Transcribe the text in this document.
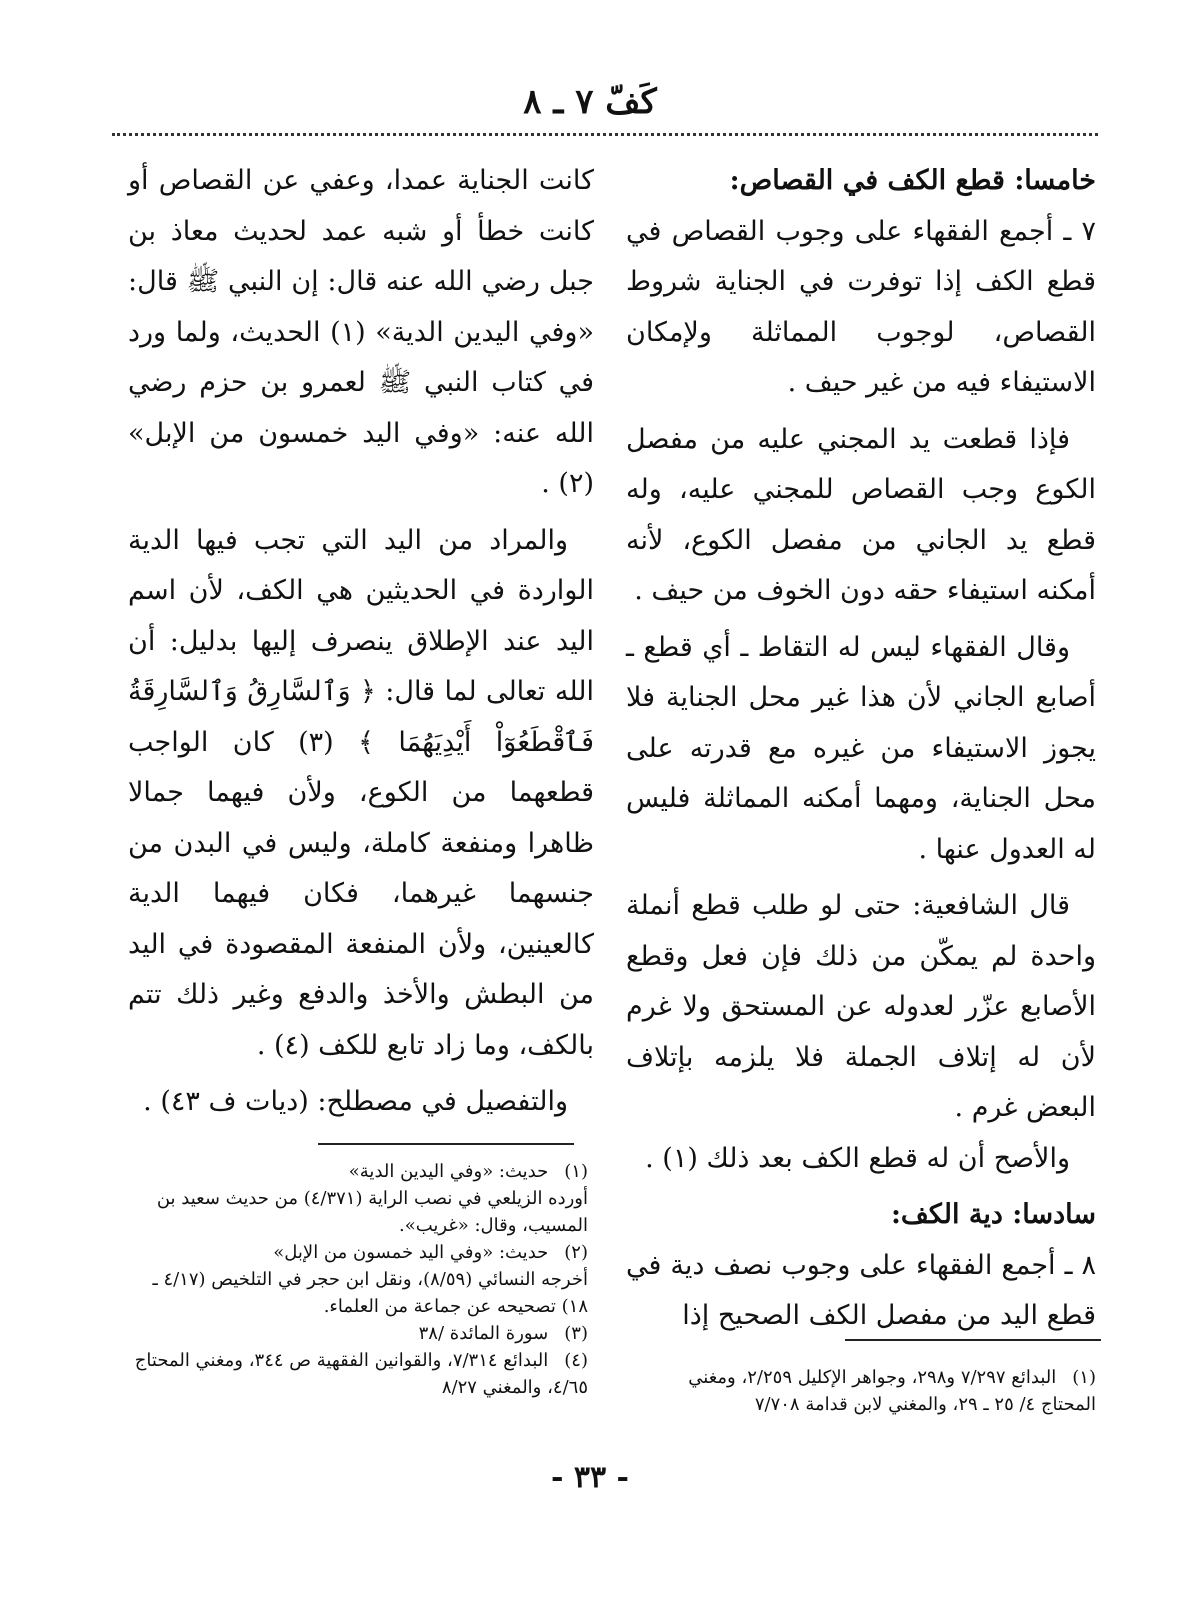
كَفّ ٧ ـ ٨

خامسا: قطع الكف في القصاص:

٧ ـ أجمع الفقهاء على وجوب القصاص في قطع الكف إذا توفرت في الجناية شروط القصاص، لوجوب المماثلة ولإمكان الاستيفاء فيه من غير حيف .

فإذا قطعت يد المجني عليه من مفصل الكوع وجب القصاص للمجني عليه، وله قطع يد الجاني من مفصل الكوع، لأنه أمكنه استيفاء حقه دون الخوف من حيف .

وقال الفقهاء ليس له التقاط ـ أي قطع ـ أصابع الجاني لأن هذا غير محل الجناية فلا يجوز الاستيفاء من غيره مع قدرته على محل الجناية، ومهما أمكنه المماثلة فليس له العدول عنها .

قال الشافعية: حتى لو طلب قطع أنملة واحدة لم يمكّن من ذلك فإن فعل وقطع الأصابع عزّر لعدوله عن المستحق ولا غرم لأن له إتلاف الجملة فلا يلزمه بإتلاف البعض غرم .

والأصح أن له قطع الكف بعد ذلك (١) .

سادسا: دية الكف:

٨ ـ أجمع الفقهاء على وجوب نصف دية في قطع اليد من مفصل الكف الصحيح إذا

كانت الجناية عمدا، وعفي عن القصاص أو كانت خطأ أو شبه عمد لحديث معاذ بن جبل رضي الله عنه قال: إن النبي ﷺ قال: «وفي اليدين الدية» (١) الحديث، ولما ورد في كتاب النبي ﷺ لعمرو بن حزم رضي الله عنه: «وفي اليد خمسون من الإبل» (٢) .

والمراد من اليد التي تجب فيها الدية الواردة في الحديثين هي الكف، لأن اسم اليد عند الإطلاق ينصرف إليها بدليل: أن الله تعالى لما قال: ﴿ وَٱلسَّارِقُ وَٱلسَّارِقَةُ فَٱقْطَعُوٓاْ أَيْدِيَهُمَا ﴾ (٣) كان الواجب قطعهما من الكوع، ولأن فيهما جمالا ظاهرا ومنفعة كاملة، وليس في البدن من جنسهما غيرهما، فكان فيهما الدية كالعينين، ولأن المنفعة المقصودة في اليد من البطش والأخذ والدفع وغير ذلك تتم بالكف، وما زاد تابع للكف (٤) .

والتفصيل في مصطلح: (ديات ف ٤٣) .

(١) حديث: «وفي اليدين الدية»
أورده الزيلعي في نصب الراية (٤/٣٧١) من حديث سعيد بن المسيب، وقال: «غريب».
(٢) حديث: «وفي اليد خمسون من الإبل»
أخرجه النسائي (٨/٥٩)، ونقل ابن حجر في التلخيص (٤/١٧ ـ ١٨) تصحيحه عن جماعة من العلماء.
(٣) سورة المائدة /٣٨
(٤) البدائع ٧/٣١٤، والقوانين الفقهية ص ٣٤٤، ومغني المحتاج ٤/٦٥، والمغني ٨/٢٧	(١) البدائع ٧/٢٩٧ و٢٩٨، وجواهر الإكليل ٢/٢٥٩، ومغني المحتاج ٤/ ٢٥ ـ ٢٩، والمغني لابن قدامة ٧/٧٠٨
- ٣٣ -
